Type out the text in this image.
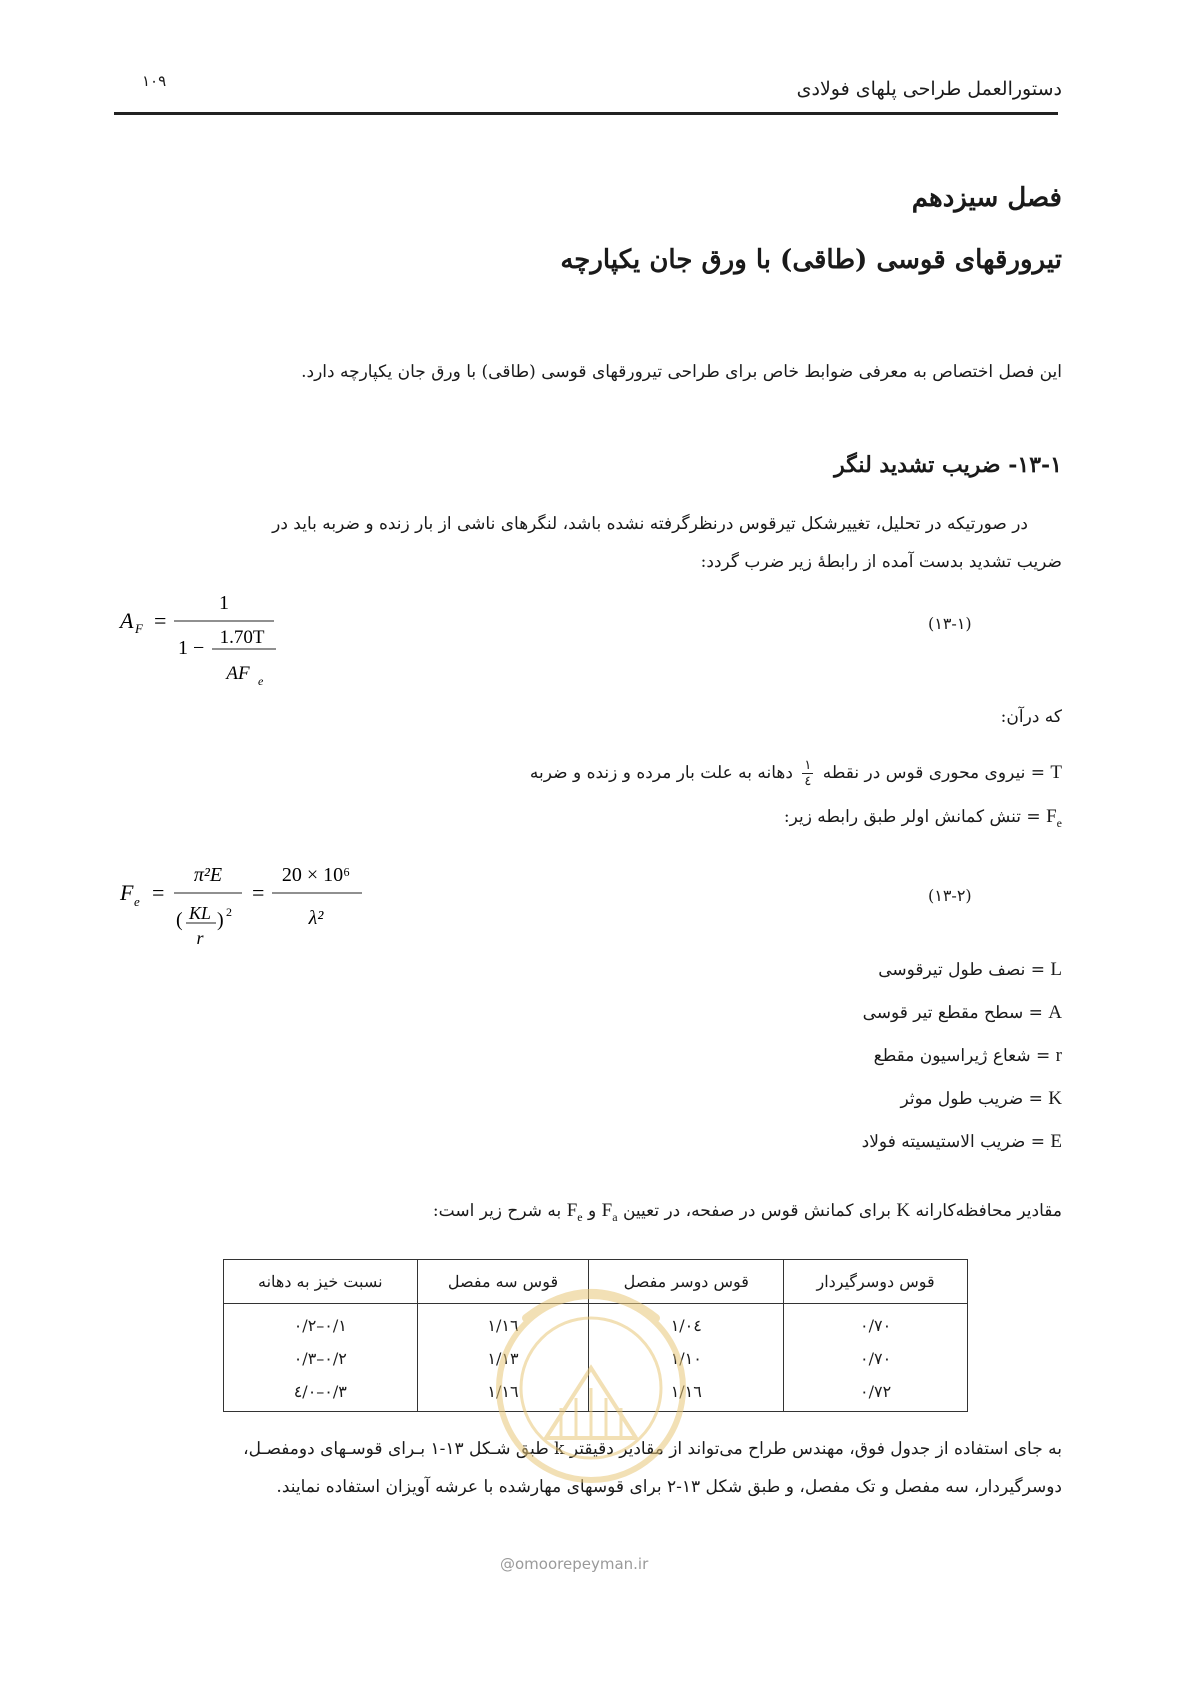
دستورالعمل طراحی پلهای فولادی
۱۰۹
فصل سیزدهم
تیرورقهای قوسی (طاقی) با ورق جان یکپارچه
این فصل اختصاص به معرفی ضوابط خاص برای طراحی تیرورقهای قوسی (طاقی) با ورق جان یکپارچه دارد.
۱۳-۱- ضریب تشدید لنگر
در صورتیکه در تحلیل، تغییرشکل تیرقوس درنظرگرفته نشده باشد، لنگرهای ناشی از بار زنده و ضربه باید در
ضریب تشدید بدست آمده از رابطۀ زیر ضرب گردد:
A F =
1
1 − 1.70T
AF e
(۱۳-۱)
که درآن:
T = نیروی محوری قوس در نقطه
۱
٤
دهانه به علت بار مرده و زنده و ضربه
$F_e$ = تنش کمانش اولر طبق رابطه زیر:
F e =
π²E
( KL
r
) 2
=
20 × 10⁶
λ²
(۱۳-۲)
L = نصف طول تیرقوسی
A = سطح مقطع تیر قوسی
r = شعاع ژیراسیون مقطع
K = ضریب طول موثر
E = ضریب الاستیسیته فولاد
مقادیر محافظه‌کارانه K برای کمانش قوس در صفحه، در تعیین $F_a$ و $F_e$ به شرح زیر است:
قوس دوسرگیردار	قوس دوسر مفصل	قوس سه مفصل	نسبت خیز به دهانه
۰/۷۰	۱/۰٤	۱/۱٦	۰/۱–۰/۲
۰/۷۰	۱/۱۰	۱/۱۳	۰/۲–۰/۳
۰/۷۲	۱/۱٦	۱/۱٦	۰/۳–۰/٤
به جای استفاده از جدول فوق، مهندس طراح می‌تواند از مقادیر دقیقتر k طبق شـکل ۱۳-۱ بـرای قوسـهای دومفصـل،
دوسرگیردار، سه مفصل و تک مفصل، و طبق شکل ۱۳-۲ برای قوسهای مهارشده با عرشه آویزان استفاده نمایند.
@omoorepeyman.ir
